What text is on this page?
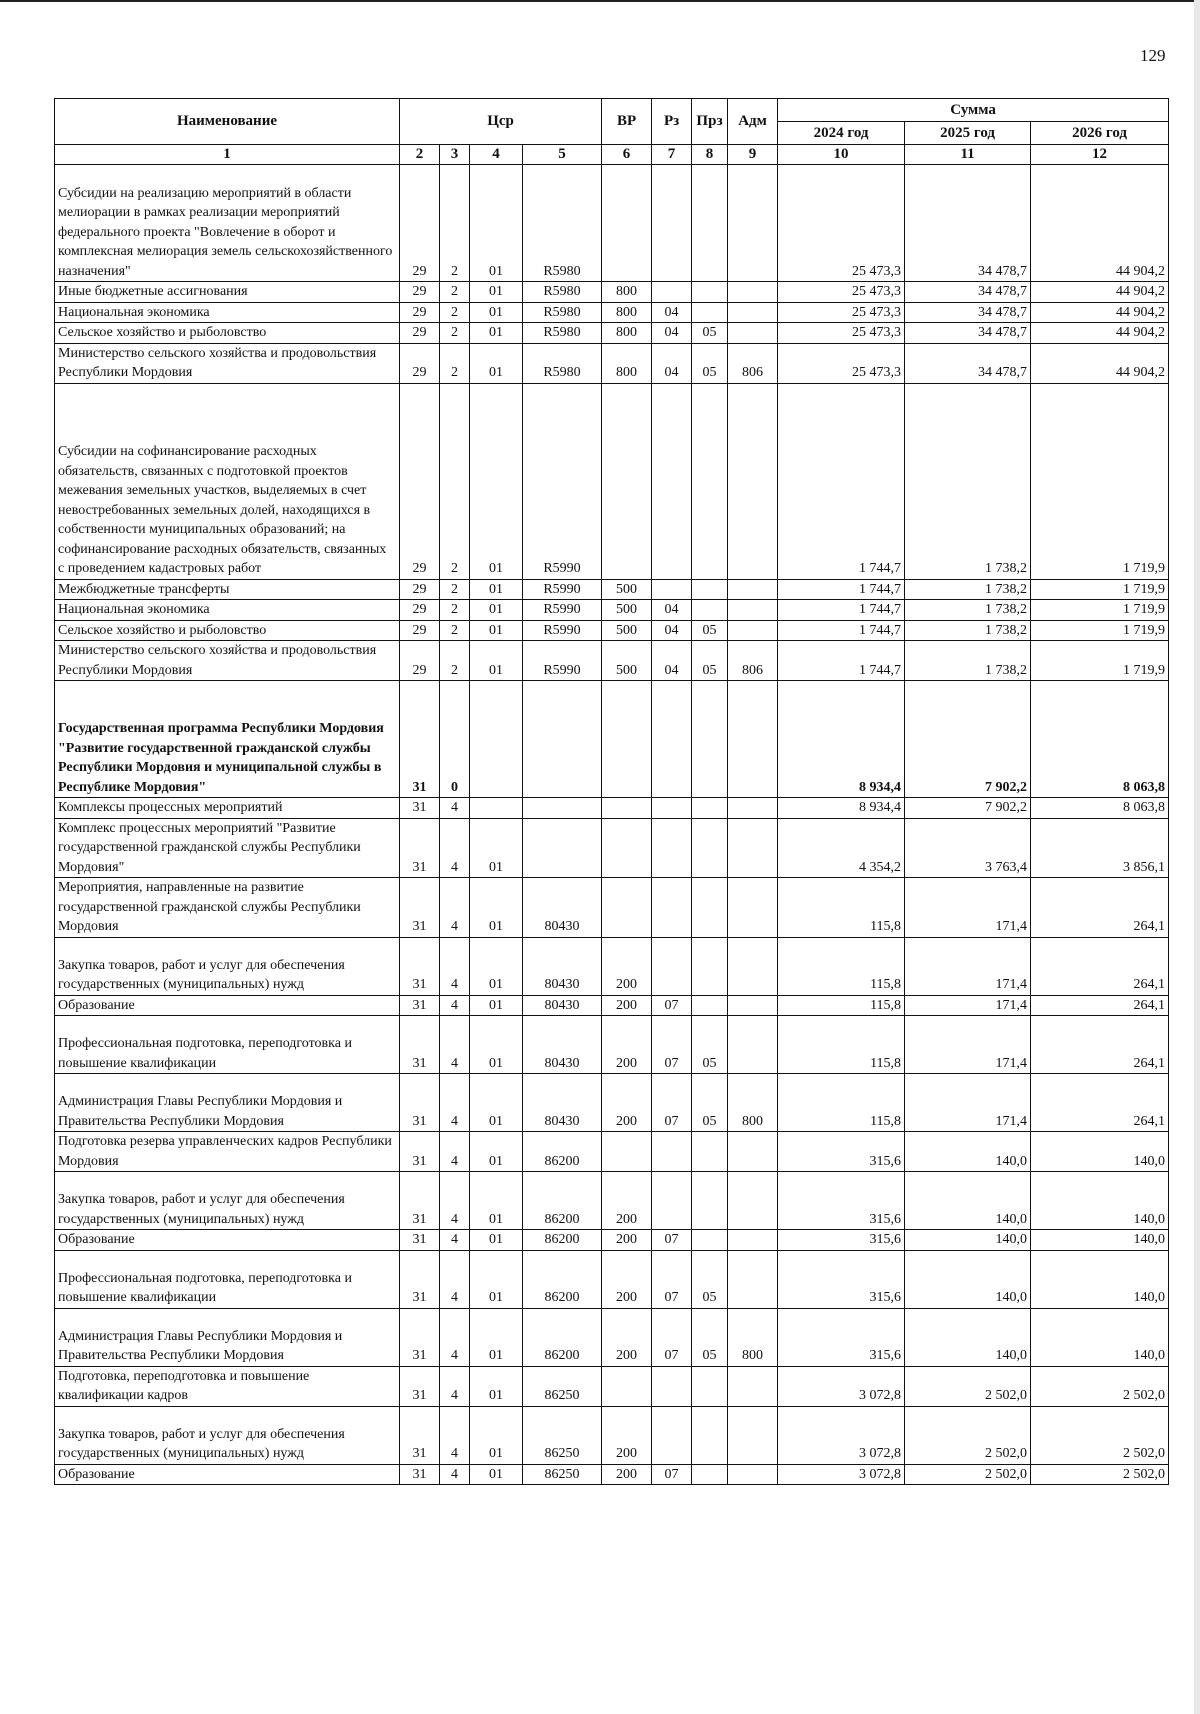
129
Наименование	Цср				ВР	Рз	Прз	Адм	Сумма		
									2024 год	2025 год	2026 год
1	2	3	4	5	6	7	8	9	10	11	12
Субсидии на реализацию мероприятий в области мелиорации в рамках реализации мероприятий федерального проекта "Вовлечение в оборот и комплексная мелиорация земель сельскохозяйственного назначения"	29	2	01	R5980					25 473,3	34 478,7	44 904,2
Иные бюджетные ассигнования	29	2	01	R5980	800				25 473,3	34 478,7	44 904,2
Национальная экономика	29	2	01	R5980	800	04			25 473,3	34 478,7	44 904,2
Сельское хозяйство и рыболовство	29	2	01	R5980	800	04	05		25 473,3	34 478,7	44 904,2
Министерство сельского хозяйства и продовольствия Республики Мордовия	29	2	01	R5980	800	04	05	806	25 473,3	34 478,7	44 904,2
Субсидии на софинансирование расходных обязательств, связанных с подготовкой проектов межевания земельных участков, выделяемых в счет невостребованных земельных долей, находящихся в собственности муниципальных образований; на софинансирование расходных обязательств, связанных с проведением кадастровых работ	29	2	01	R5990					1 744,7	1 738,2	1 719,9
Межбюджетные трансферты	29	2	01	R5990	500				1 744,7	1 738,2	1 719,9
Национальная экономика	29	2	01	R5990	500	04			1 744,7	1 738,2	1 719,9
Сельское хозяйство и рыболовство	29	2	01	R5990	500	04	05		1 744,7	1 738,2	1 719,9
Министерство сельского хозяйства и продовольствия Республики Мордовия	29	2	01	R5990	500	04	05	806	1 744,7	1 738,2	1 719,9
Государственная программа Республики Мордовия "Развитие государственной гражданской службы Республики Мордовия и муниципальной службы в Республике Мордовия"	31	0							8 934,4	7 902,2	8 063,8
Комплексы процессных мероприятий	31	4							8 934,4	7 902,2	8 063,8
Комплекс процессных мероприятий "Развитие государственной гражданской службы Республики Мордовия"	31	4	01						4 354,2	3 763,4	3 856,1
Мероприятия, направленные на развитие государственной гражданской службы Республики Мордовия	31	4	01	80430					115,8	171,4	264,1
Закупка товаров, работ и услуг для обеспечения государственных (муниципальных) нужд	31	4	01	80430	200				115,8	171,4	264,1
Образование	31	4	01	80430	200	07			115,8	171,4	264,1
Профессиональная подготовка, переподготовка и повышение квалификации	31	4	01	80430	200	07	05		115,8	171,4	264,1
Администрация Главы Республики Мордовия и Правительства Республики Мордовия	31	4	01	80430	200	07	05	800	115,8	171,4	264,1
Подготовка резерва управленческих кадров Республики Мордовия	31	4	01	86200					315,6	140,0	140,0
Закупка товаров, работ и услуг для обеспечения государственных (муниципальных) нужд	31	4	01	86200	200				315,6	140,0	140,0
Образование	31	4	01	86200	200	07			315,6	140,0	140,0
Профессиональная подготовка, переподготовка и повышение квалификации	31	4	01	86200	200	07	05		315,6	140,0	140,0
Администрация Главы Республики Мордовия и Правительства Республики Мордовия	31	4	01	86200	200	07	05	800	315,6	140,0	140,0
Подготовка, переподготовка и повышение квалификации кадров	31	4	01	86250					3 072,8	2 502,0	2 502,0
Закупка товаров, работ и услуг для обеспечения государственных (муниципальных) нужд	31	4	01	86250	200				3 072,8	2 502,0	2 502,0
Образование	31	4	01	86250	200	07			3 072,8	2 502,0	2 502,0
